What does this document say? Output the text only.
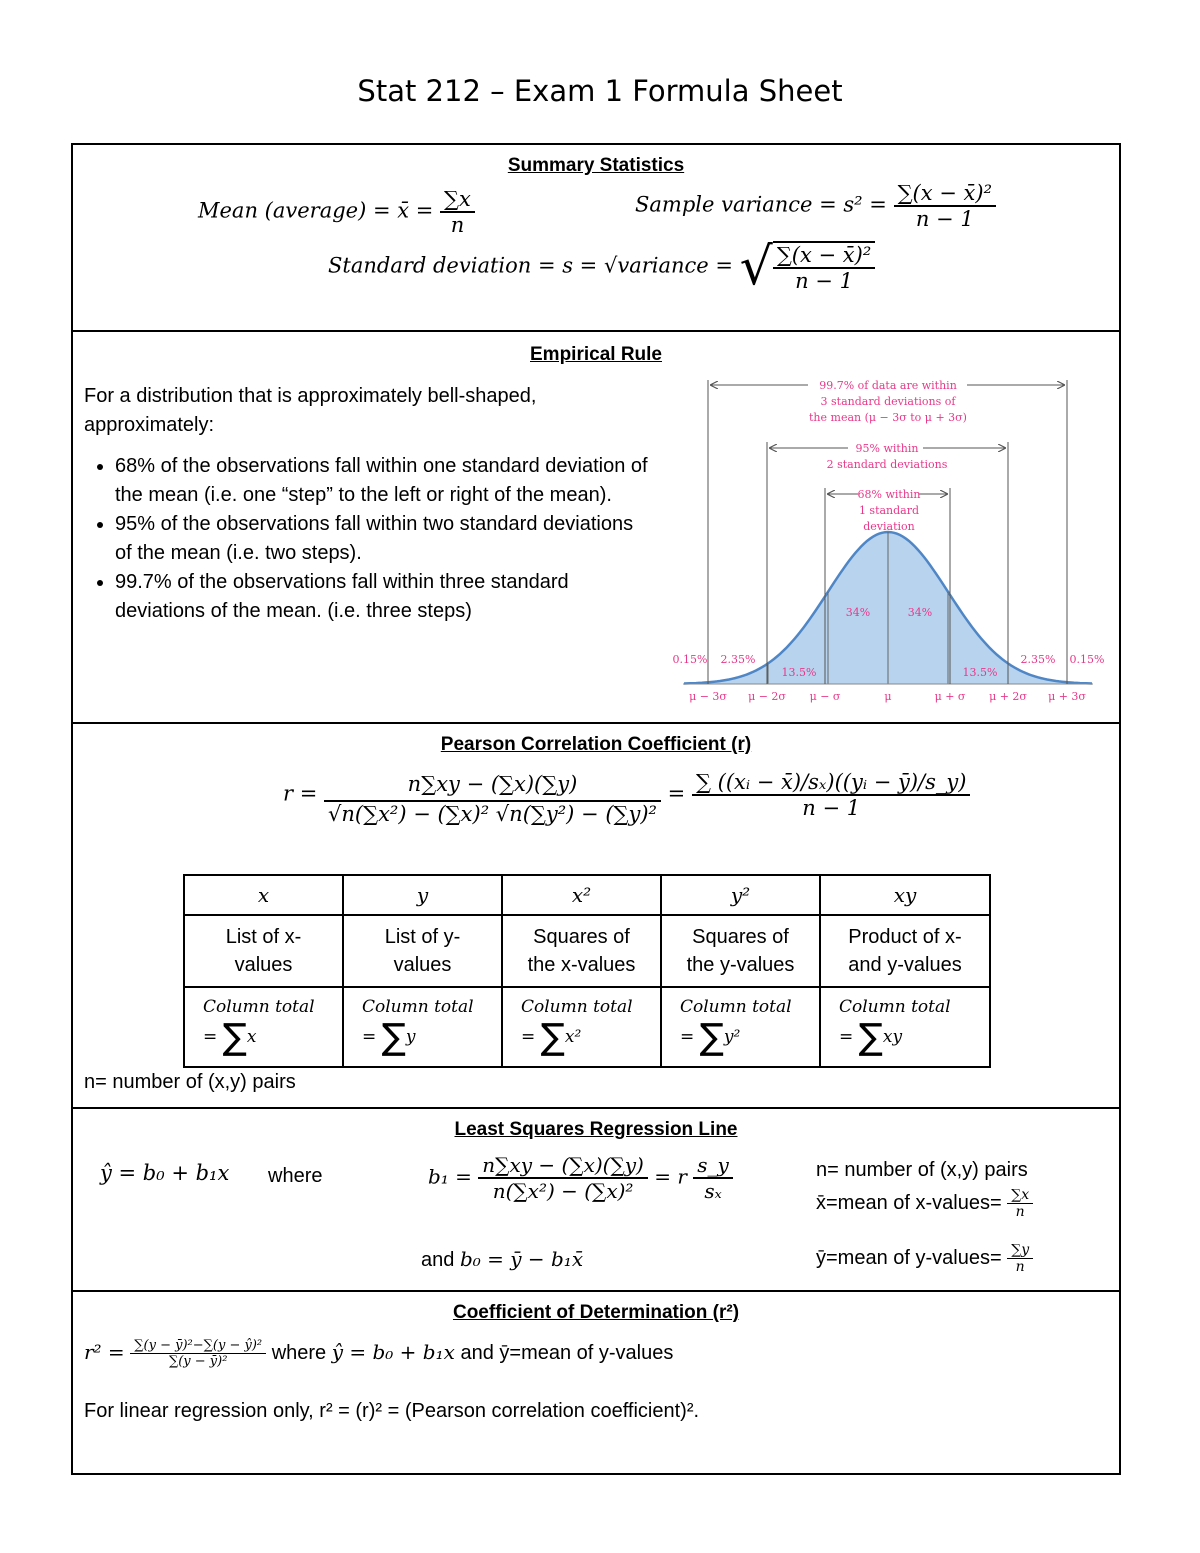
Stat 212 – Exam 1 Formula Sheet
Summary Statistics
Mean (average) = x̄ = $\frac{\sum x}{n}$	Sample variance = $s^2 = \frac{\text{∑(x − x̄)²}}{n - 1}$
Standard deviation = s = √variance = √ $\frac{\text{∑(x − x̄)²}}{n - 1}$
Empirical Rule
For a distribution that is approximately bell-shaped, approximately:
• 68% of the observations fall within one standard deviation of the mean (i.e. one “step” to the left or right of the mean).
• 95% of the observations fall within two standard deviations of the mean (i.e. two steps).
• 99.7% of the observations fall within three standard deviations of the mean. (i.e. three steps)
99.7% of data are within
3 standard deviations of
the mean (μ − 3σ to μ + 3σ)
95% within
2 standard deviations
68% within
1 standard
deviation
34%	34%
13.5%	13.5%
2.35%	2.35%
0.15%	0.15%
μ − 3σ μ − 2σ μ − σ	μ	μ + σ μ + 2σ μ + 3σ
Pearson Correlation Coefficient (r)
$r = \frac{n\sum xy - (\sum x)(\sum y)}{\text{√n(∑x²) − (∑x)² √n(∑y²) − (∑y)²}} = \frac{\text{∑ ((xᵢ − x̄)/sₓ)((yᵢ − ȳ)/s\_y)}}{n - 1}$
x	y	x²	y²	xy
List of x-
values	List of y-
values	Squares of
the x-values	Squares of
the y-values	Product of x-
and y-values
Column total
= ∑x	Column total
= ∑y	Column total
= ∑x²	Column total
= ∑y²	Column total
= ∑xy
n= number of (x,y) pairs
Least Squares Regression Line
ŷ = b₀ + b₁x where	$b_1 = \frac{n\sum xy - (\sum x)(\sum y)}{\text{n(∑x²) − (∑x)²}} = r \frac{s\_y}{\text{sₓ}}$
and b₀ = ȳ − b₁x̄
n= number of (x,y) pairs
x̄=mean of x-values= $\frac{\sum x}{n}$
ȳ=mean of y-values= $\frac{\sum y}{n}$
Coefficient of Determination (r²)
$r^2 = \frac{\text{∑(y − ȳ)²−∑(y − ŷ)²}}{\text{∑(y − ȳ)²}}$ where ŷ = b₀ + b₁x and ȳ=mean of y-values
For linear regression only, r² = (r)² = (Pearson correlation coefficient)².
